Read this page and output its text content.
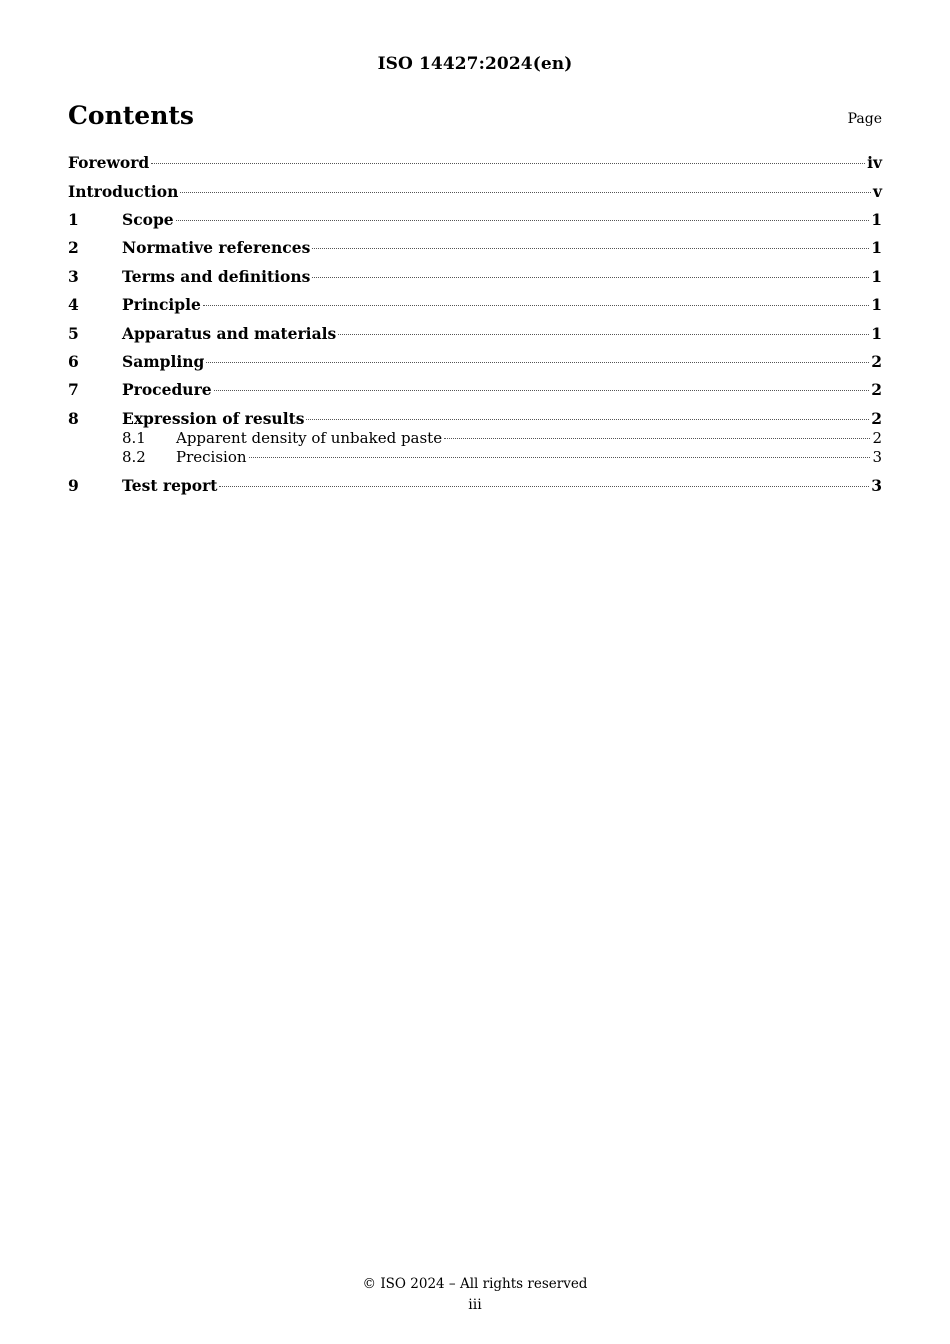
ISO 14427:2024(en)
Contents	Page
Foreword	iv
Introduction	v
1	Scope	1
2	Normative references	1
3	Terms and definitions	1
4	Principle	1
5	Apparatus and materials	1
6	Sampling	2
7	Procedure	2
8	Expression of results	2
8.1	Apparent density of unbaked paste	2
8.2	Precision	3
9	Test report	3
© ISO 2024 – All rights reserved
iii
